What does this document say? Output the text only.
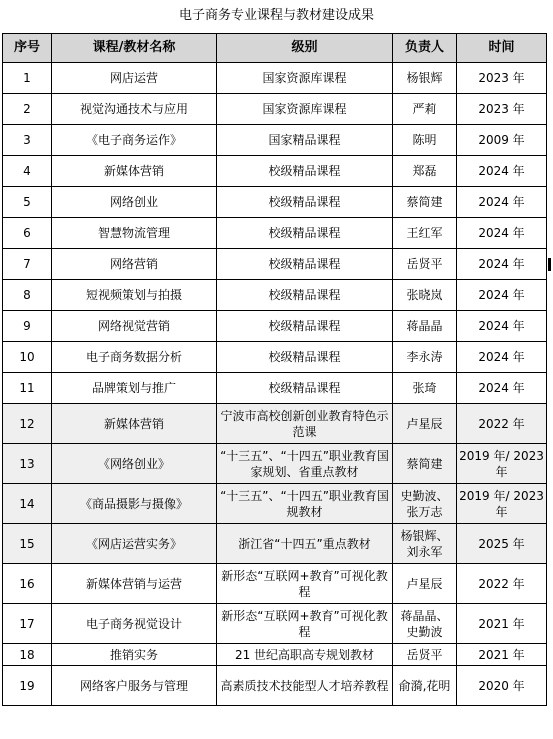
电子商务专业课程与教材建设成果
序号	课程/教材名称	级别	负责人	时间
1	网店运营	国家资源库课程	杨银辉	2023 年
2	视觉沟通技术与应用	国家资源库课程	严莉	2023 年
3	《电子商务运作》	国家精品课程	陈明	2009 年
4	新媒体营销	校级精品课程	郑磊	2024 年
5	网络创业	校级精品课程	蔡简建	2024 年
6	智慧物流管理	校级精品课程	王红军	2024 年
7	网络营销	校级精品课程	岳贤平	2024 年
8	短视频策划与拍摄	校级精品课程	张晓岚	2024 年
9	网络视觉营销	校级精品课程	蒋晶晶	2024 年
10	电子商务数据分析	校级精品课程	李永涛	2024 年
11	品牌策划与推广	校级精品课程	张琦	2024 年
12	新媒体营销	宁波市高校创新创业教育特色示范课	卢星辰	2022 年
13	《网络创业》	“十三五”、“十四五”职业教育国家规划、省重点教材	蔡简建	2019 年/ 2023 年
14	《商品摄影与摄像》	“十三五”、“十四五”职业教育国规教材	史勤波、张万志	2019 年/ 2023 年
15	《网店运营实务》	浙江省“十四五”重点教材	杨银辉、刘永军	2025 年
16	新媒体营销与运营	新形态“互联网+教育”可视化教程	卢星辰	2022 年
17	电子商务视觉设计	新形态“互联网+教育”可视化教程	蒋晶晶、史勤波	2021 年
18	推销实务	21 世纪高职高专规划教材	岳贤平	2021 年
19	网络客户服务与管理	高素质技术技能型人才培养教程	俞漪,花明	2020 年
